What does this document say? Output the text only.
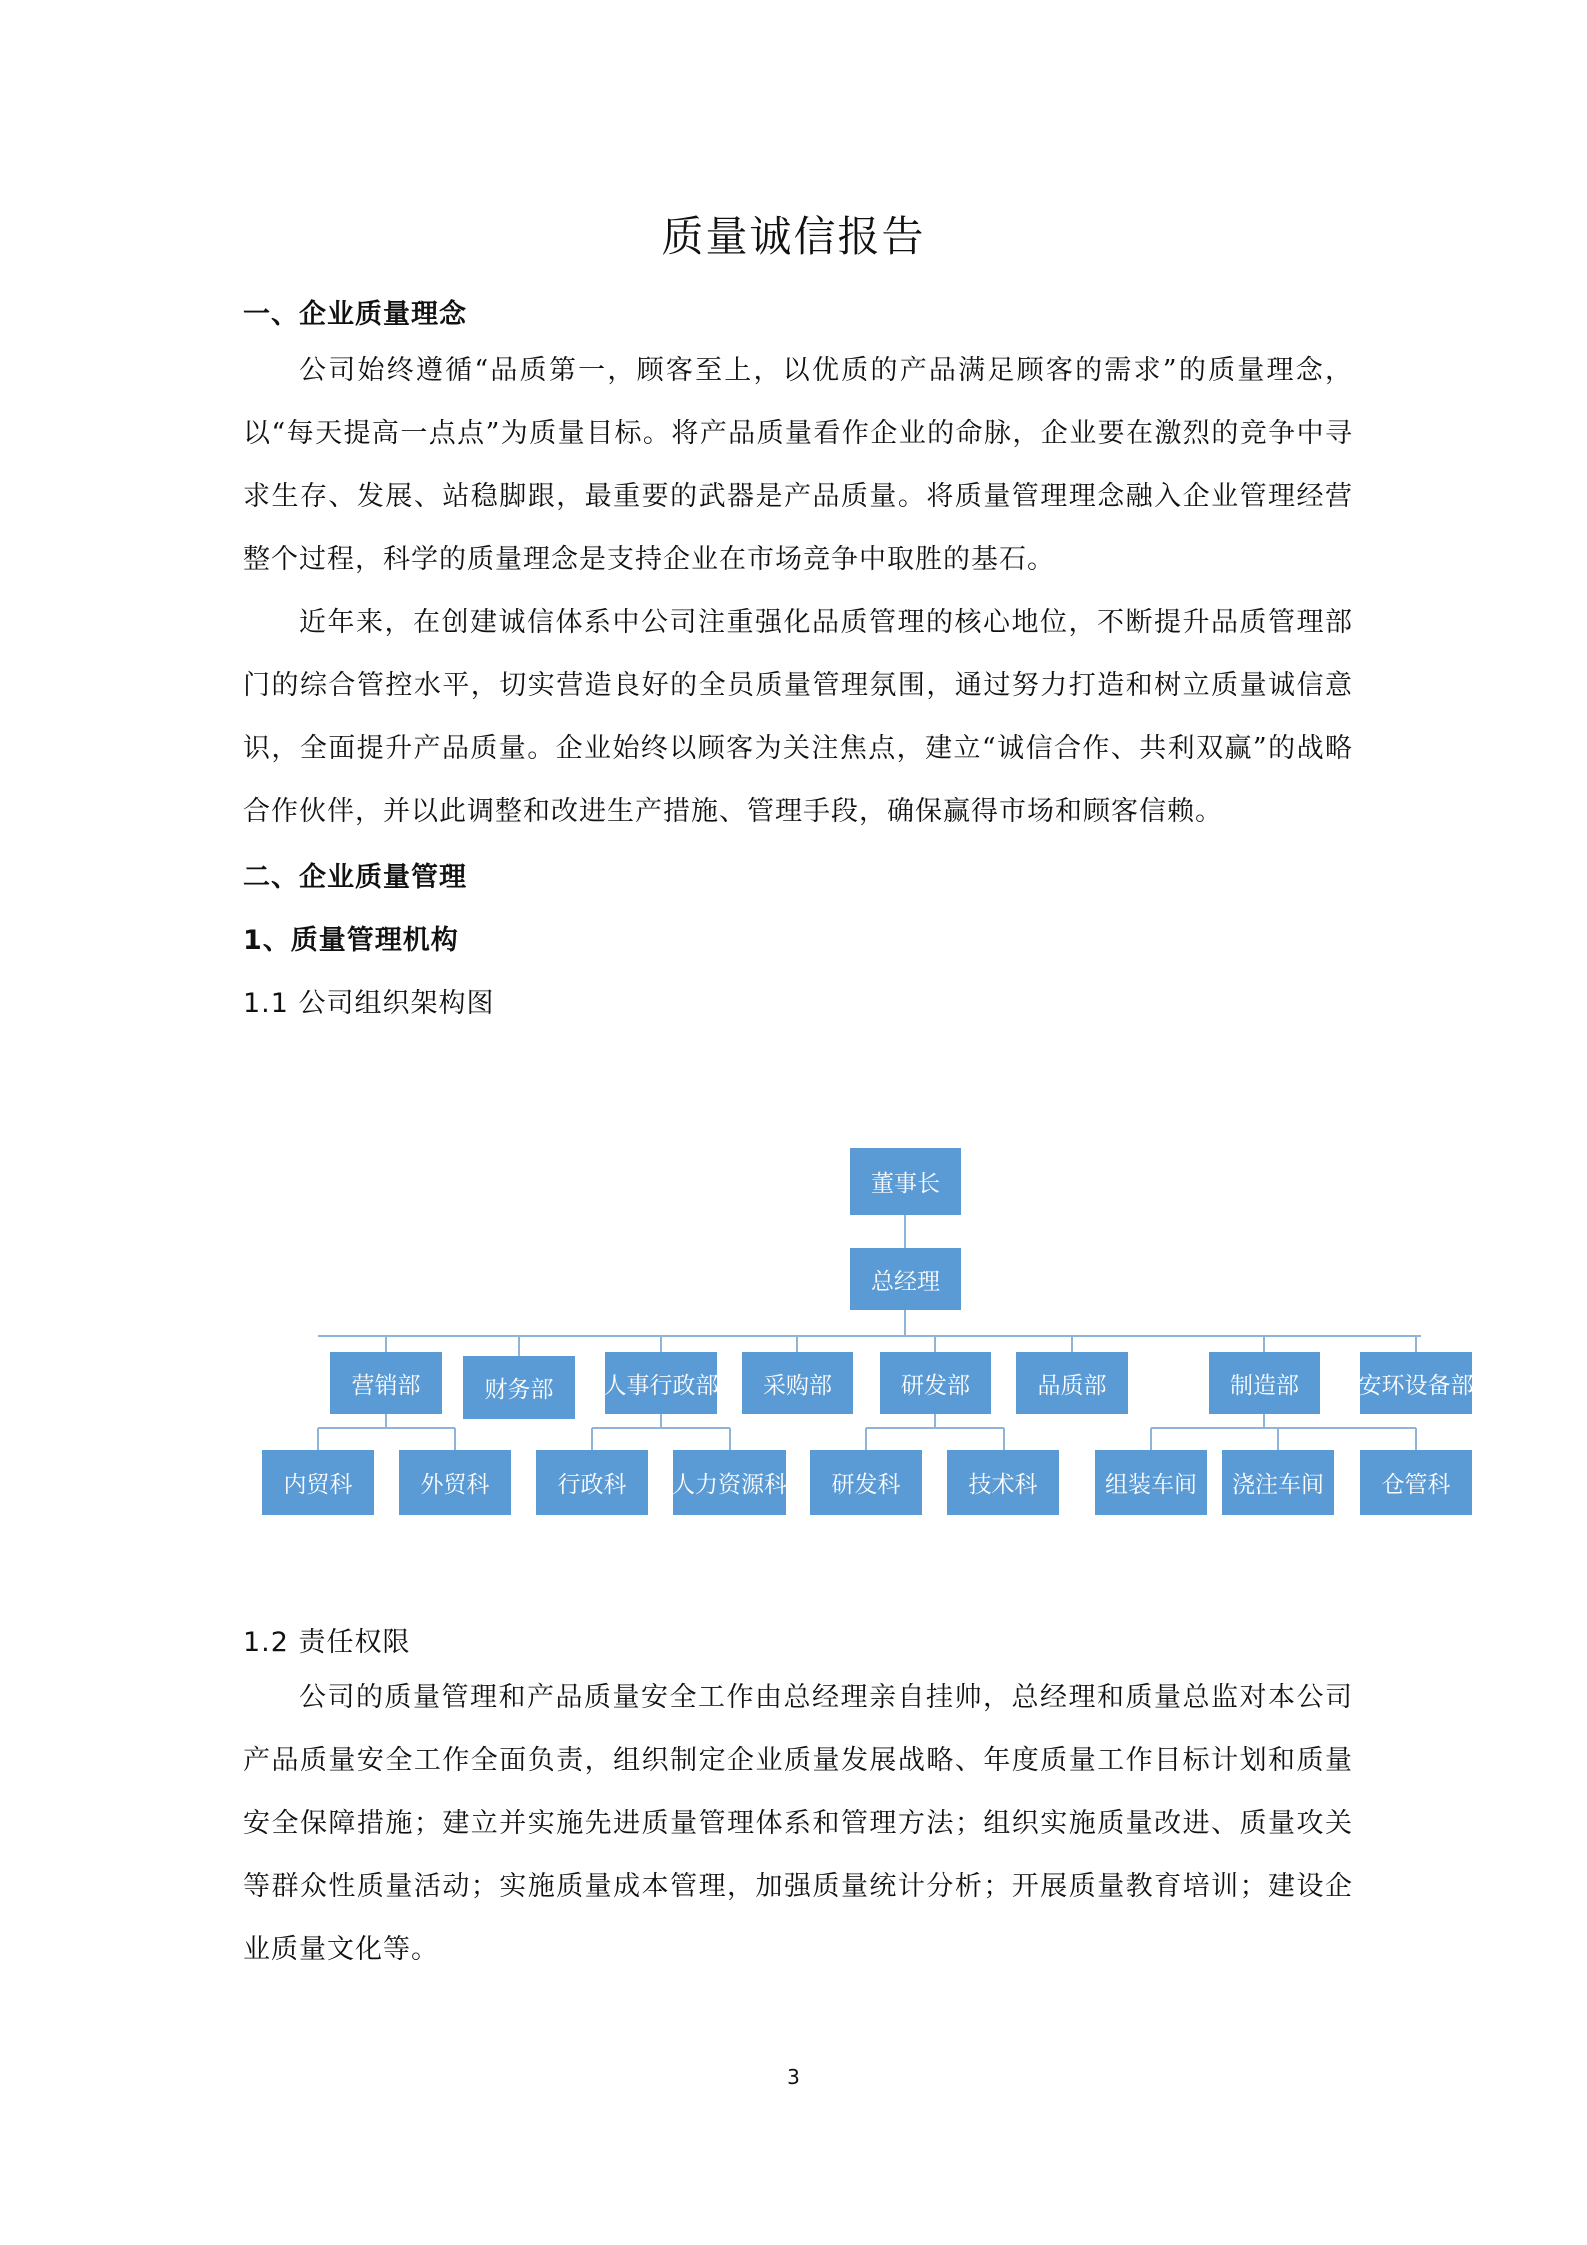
质量诚信报告
一、企业质量理念

公司始终遵循“品质第一，顾客至上，以优质的产品满足顾客的需求”的质量理念，以“每天提高一点点”为质量目标。将产品质量看作企业的命脉，企业要在激烈的竞争中寻求生存、发展、站稳脚跟，最重要的武器是产品质量。将质量管理理念融入企业管理经营整个过程，科学的质量理念是支持企业在市场竞争中取胜的基石。

近年来，在创建诚信体系中公司注重强化品质管理的核心地位，不断提升品质管理部门的综合管控水平，切实营造良好的全员质量管理氛围，通过努力打造和树立质量诚信意识，全面提升产品质量。企业始终以顾客为关注焦点，建立“诚信合作、共利双赢”的战略合作伙伴，并以此调整和改进生产措施、管理手段，确保赢得市场和顾客信赖。

二、企业质量管理
1、质量管理机构
1.1 公司组织架构图
董事长
总经理
营销部	财务部 人事行政部 采购部	研发部	品质部	制造部	安环设备部
内贸科	外贸科	行政科 人力资源科 研发科	技术科	组装车间 浇注车间	仓管科
1.2 责任权限

公司的质量管理和产品质量安全工作由总经理亲自挂帅，总经理和质量总监对本公司产品质量安全工作全面负责，组织制定企业质量发展战略、年度质量工作目标计划和质量安全保障措施；建立并实施先进质量管理体系和管理方法；组织实施质量改进、质量攻关等群众性质量活动；实施质量成本管理，加强质量统计分析；开展质量教育培训；建设企业质量文化等。

3
